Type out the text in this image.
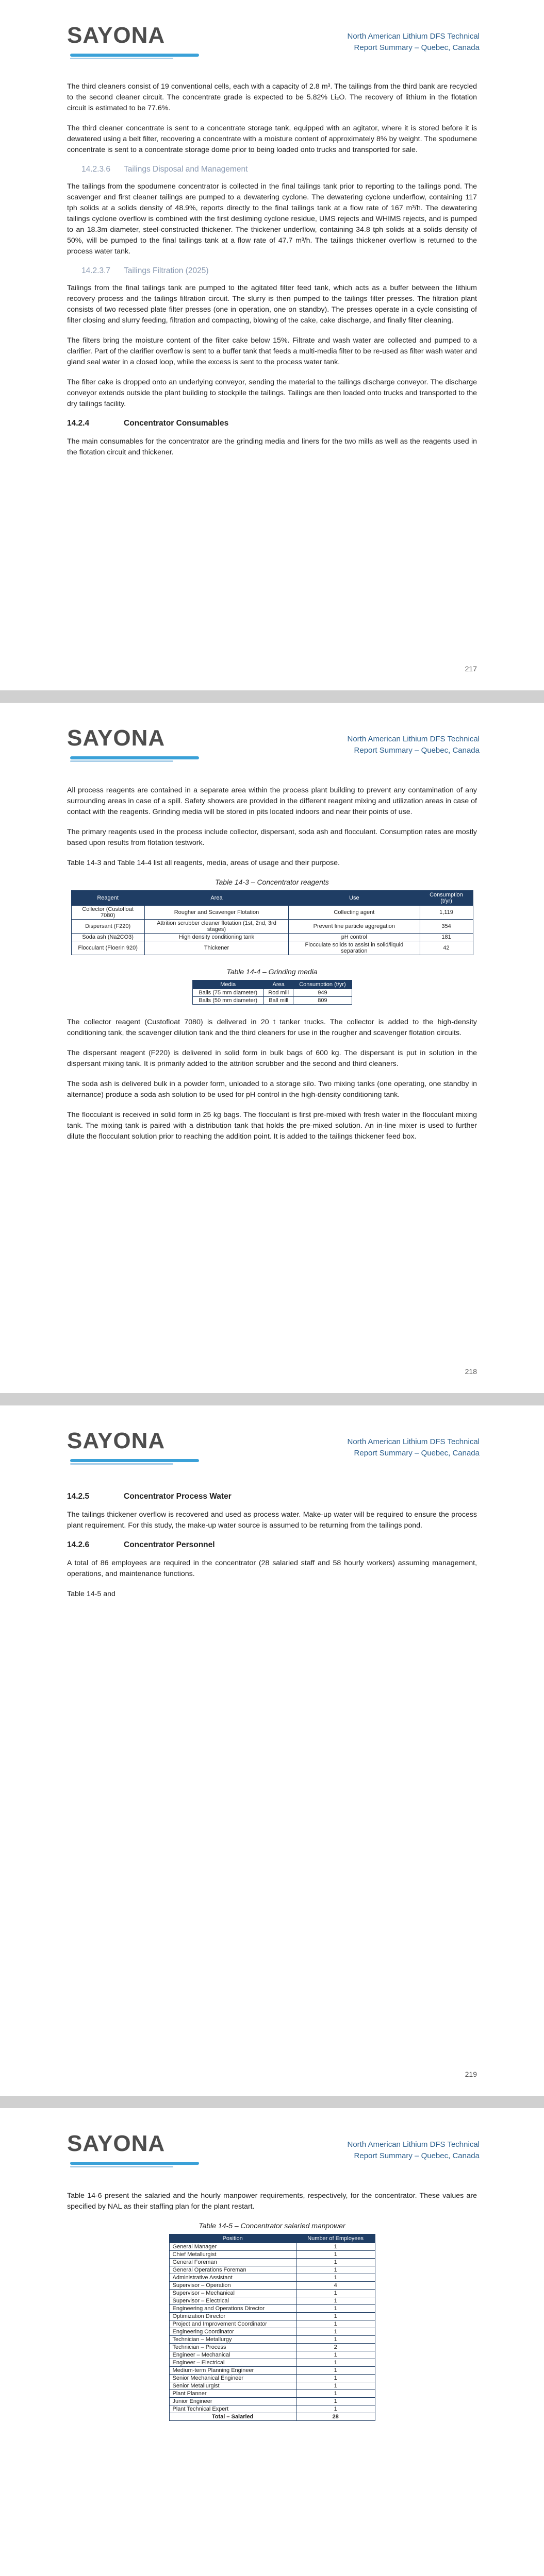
SAYONA	North American Lithium DFS Technical
Report Summary – Quebec, Canada

The third cleaners consist of 19 conventional cells, each with a capacity of 2.8 m³. The tailings from the third bank are recycled to the second cleaner circuit. The concentrate grade is expected to be 5.82% Li₂O. The recovery of lithium in the flotation circuit is estimated to be 77.6%.

The third cleaner concentrate is sent to a concentrate storage tank, equipped with an agitator, where it is stored before it is dewatered using a belt filter, recovering a concentrate with a moisture content of approximately 8% by weight. The spodumene concentrate is sent to a concentrate storage dome prior to being loaded onto trucks and transported for sale.

14.2.3.6 Tailings Disposal and Management

The tailings from the spodumene concentrator is collected in the final tailings tank prior to reporting to the tailings pond. The scavenger and first cleaner tailings are pumped to a dewatering cyclone. The dewatering cyclone underflow, containing 117 tph solids at a solids density of 48.9%, reports directly to the final tailings tank at a flow rate of 167 m³/h. The dewatering tailings cyclone overflow is combined with the first desliming cyclone residue, UMS rejects and WHIMS rejects, and is pumped to an 18.3m diameter, steel-constructed thickener. The thickener underflow, containing 34.8 tph solids at a solids density of 50%, will be pumped to the final tailings tank at a flow rate of 47.7 m³/h. The tailings thickener overflow is returned to the process water tank.

14.2.3.7 Tailings Filtration (2025)

Tailings from the final tailings tank are pumped to the agitated filter feed tank, which acts as a buffer between the lithium recovery process and the tailings filtration circuit. The slurry is then pumped to the tailings filter presses. The filtration plant consists of two recessed plate filter presses (one in operation, one on standby). The presses operate in a cycle consisting of filter closing and slurry feeding, filtration and compacting, blowing of the cake, cake discharge, and finally filter cleaning.

The filters bring the moisture content of the filter cake below 15%. Filtrate and wash water are collected and pumped to a clarifier. Part of the clarifier overflow is sent to a buffer tank that feeds a multi-media filter to be re-used as filter wash water and gland seal water in a closed loop, while the excess is sent to the process water tank.

The filter cake is dropped onto an underlying conveyor, sending the material to the tailings discharge conveyor. The discharge conveyor extends outside the plant building to stockpile the tailings. Tailings are then loaded onto trucks and transported to the dry tailings facility.

14.2.4	Concentrator Consumables

The main consumables for the concentrator are the grinding media and liners for the two mills as well as the reagents used in the flotation circuit and thickener.

217
SAYONA	North American Lithium DFS Technical
Report Summary – Quebec, Canada

All process reagents are contained in a separate area within the process plant building to prevent any contamination of any surrounding areas in case of a spill. Safety showers are provided in the different reagent mixing and utilization areas in case of contact with the reagents. Grinding media will be stored in pits located indoors and near their points of use.

The primary reagents used in the process include collector, dispersant, soda ash and flocculant. Consumption rates are mostly based upon results from flotation testwork.

Table 14-3 and Table 14-4 list all reagents, media, areas of usage and their purpose.

Table 14-3 – Concentrator reagents
Reagent	Area	Use	Consumption (t/yr)
Collector (Custofloat 7080)	Rougher and Scavenger Flotation	Collecting agent	1,119
Dispersant (F220)	Attrition scrubber cleaner flotation (1st, 2nd, 3rd stages)	Prevent fine particle aggregation	354
Soda ash (Na2CO3)	High density conditioning tank	pH control	181
Flocculant (Floerin 920)	Thickener	Flocculate solids to assist in solid/liquid separation	42
Table 14-4 – Grinding media
Media	Area	Consumption (t/yr)
Balls (75 mm diameter)	Rod mill	949
Balls (50 mm diameter)	Ball mill	809

The collector reagent (Custofloat 7080) is delivered in 20 t tanker trucks. The collector is added to the high-density conditioning tank, the scavenger dilution tank and the third cleaners for use in the rougher and scavenger flotation circuits.

The dispersant reagent (F220) is delivered in solid form in bulk bags of 600 kg. The dispersant is put in solution in the dispersant mixing tank. It is primarily added to the attrition scrubber and the second and third cleaners.

The soda ash is delivered bulk in a powder form, unloaded to a storage silo. Two mixing tanks (one operating, one standby in alternance) produce a soda ash solution to be used for pH control in the high-density conditioning tank.

The flocculant is received in solid form in 25 kg bags. The flocculant is first pre-mixed with fresh water in the flocculant mixing tank. The mixing tank is paired with a distribution tank that holds the pre-mixed solution. An in-line mixer is used to further dilute the flocculant solution prior to reaching the addition point. It is added to the tailings thickener feed box.

218
SAYONA	North American Lithium DFS Technical
Report Summary – Quebec, Canada
14.2.5	Concentrator Process Water

The tailings thickener overflow is recovered and used as process water. Make-up water will be required to ensure the process plant requirement. For this study, the make-up water source is assumed to be returning from the tailings pond.

14.2.6	Concentrator Personnel

A total of 86 employees are required in the concentrator (28 salaried staff and 58 hourly workers) assuming management, operations, and maintenance functions.

Table 14-5 and

219
SAYONA	North American Lithium DFS Technical
Report Summary – Quebec, Canada

Table 14-6 present the salaried and the hourly manpower requirements, respectively, for the concentrator. These values are specified by NAL as their staffing plan for the plant restart.

Table 14-5 – Concentrator salaried manpower
Position	Number of Employees
General Manager	1
Chief Metallurgist	1
General Foreman	1
General Operations Foreman	1
Administrative Assistant	1
Supervisor – Operation	4
Supervisor – Mechanical	1
Supervisor – Electrical	1
Engineering and Operations Director	1
Optimization Director	1
Project and Improvement Coordinator	1
Engineering Coordinator	1
Technician – Metallurgy	1
Technician – Process	2
Engineer – Mechanical	1
Engineer – Electrical	1
Medium-term Planning Engineer	1
Senior Mechanical Engineer	1
Senior Metallurgist	1
Plant Planner	1
Junior Engineer	1
Plant Technical Expert	1
Total – Salaried	28
